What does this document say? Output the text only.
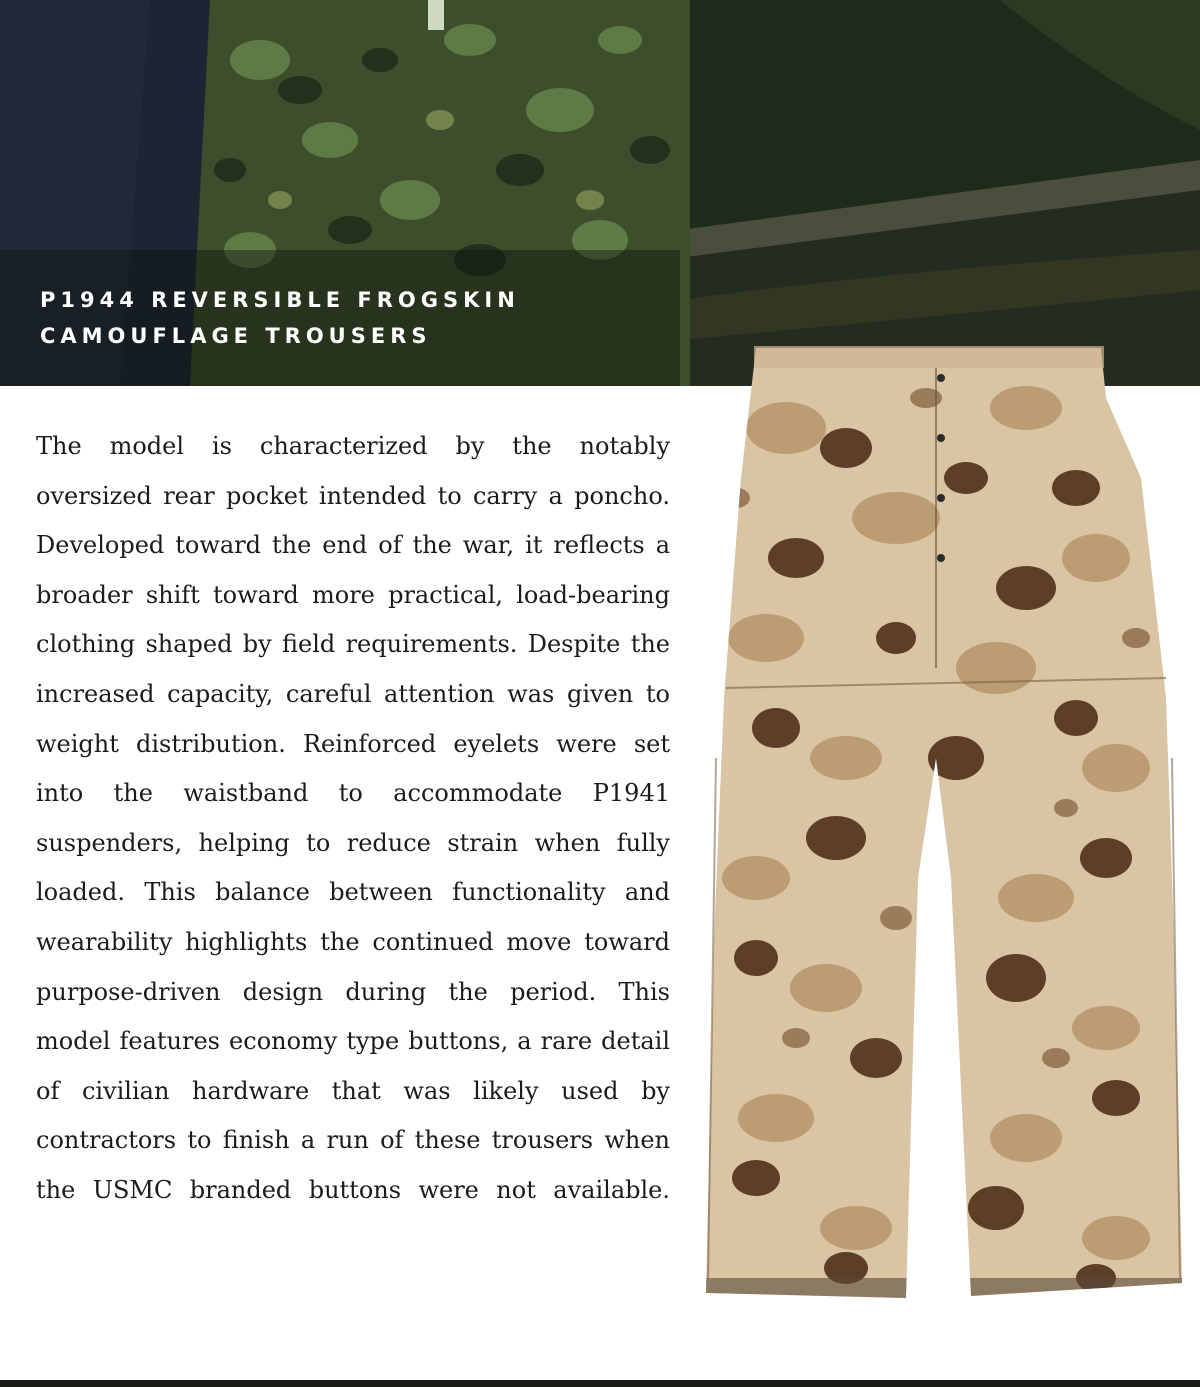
P1944 REVERSIBLE FROGSKIN
CAMOUFLAGE TROUSERS

The model is characterized by the notably oversized rear pocket intended to carry a poncho. Developed toward the end of the war, it reflects a broader shift toward more practical, load-bearing clothing shaped by field requirements. Despite the increased capacity, careful attention was given to weight distribution. Reinforced eyelets were set into the waistband to accommodate P1941 suspenders, helping to reduce strain when fully loaded. This balance between functionality and wearability highlights the continued move toward purpose-driven design during the period. This model features economy type buttons, a rare detail of civilian hardware that was likely used by contractors to finish a run of these trousers when the USMC branded buttons were not available.
